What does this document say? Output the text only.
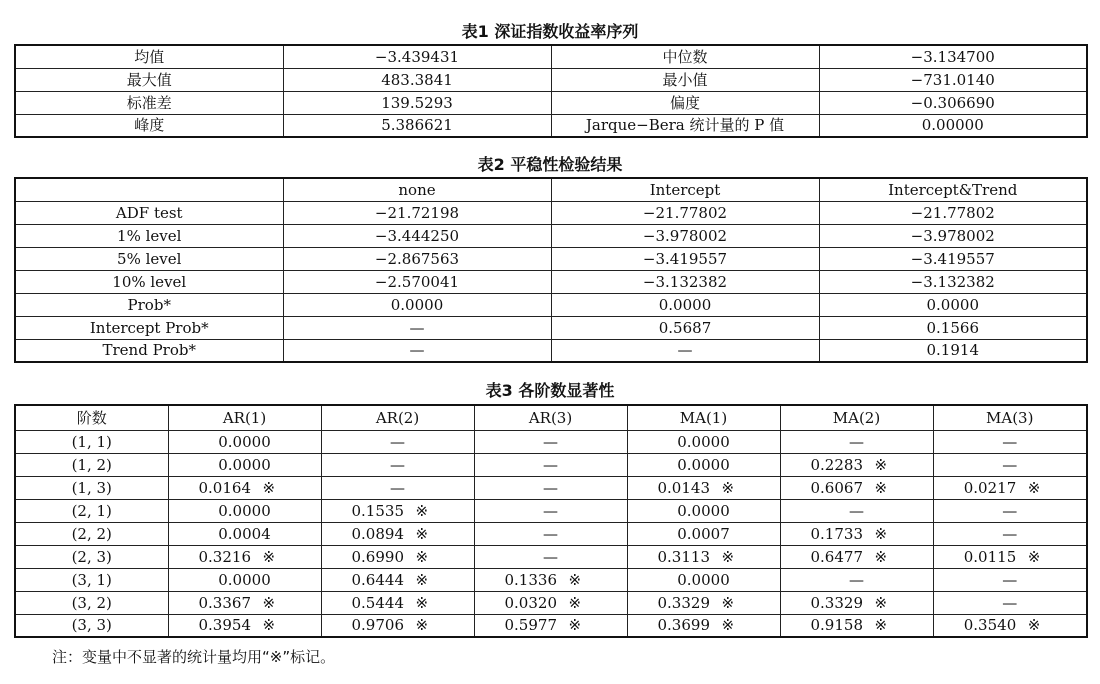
表1 深证指数收益率序列
均值	−3.439431	中位数	−3.134700
最大值	483.3841	最小值	−731.0140
标准差	139.5293	偏度	−0.306690
峰度	5.386621	Jarque−Bera 统计量的 P 值	0.00000
表2 平稳性检验结果
	none	Intercept	Intercept&Trend
ADF test	−21.72198	−21.77802	−21.77802
1% level	−3.444250	−3.978002	−3.978002
5% level	−2.867563	−3.419557	−3.419557
10% level	−2.570041	−3.132382	−3.132382
Prob*	0.0000	0.0000	0.0000
Intercept Prob*	—	0.5687	0.1566
Trend Prob*	—	—	0.1914
表3 各阶数显著性
阶数	AR(1)	AR(2)	AR(3)	MA(1)	MA(2)	MA(3)
(1, 1)	0.0000	—	—	0.0000	—	—
(1, 2)	0.0000	—	—	0.0000	0.2283 ※	—
(1, 3)	0.0164 ※	—	—	0.0143 ※	0.6067 ※	0.0217 ※
(2, 1)	0.0000	0.1535 ※	—	0.0000	—	—
(2, 2)	0.0004	0.0894 ※	—	0.0007	0.1733 ※	—
(2, 3)	0.3216 ※	0.6990 ※	—	0.3113 ※	0.6477 ※	0.0115 ※
(3, 1)	0.0000	0.6444 ※	0.1336 ※	0.0000	—	—
(3, 2)	0.3367 ※	0.5444 ※	0.0320 ※	0.3329 ※	0.3329 ※	—
(3, 3)	0.3954 ※	0.9706 ※	0.5977 ※	0.3699 ※	0.9158 ※	0.3540 ※
注：变量中不显著的统计量均用“※”标记。
